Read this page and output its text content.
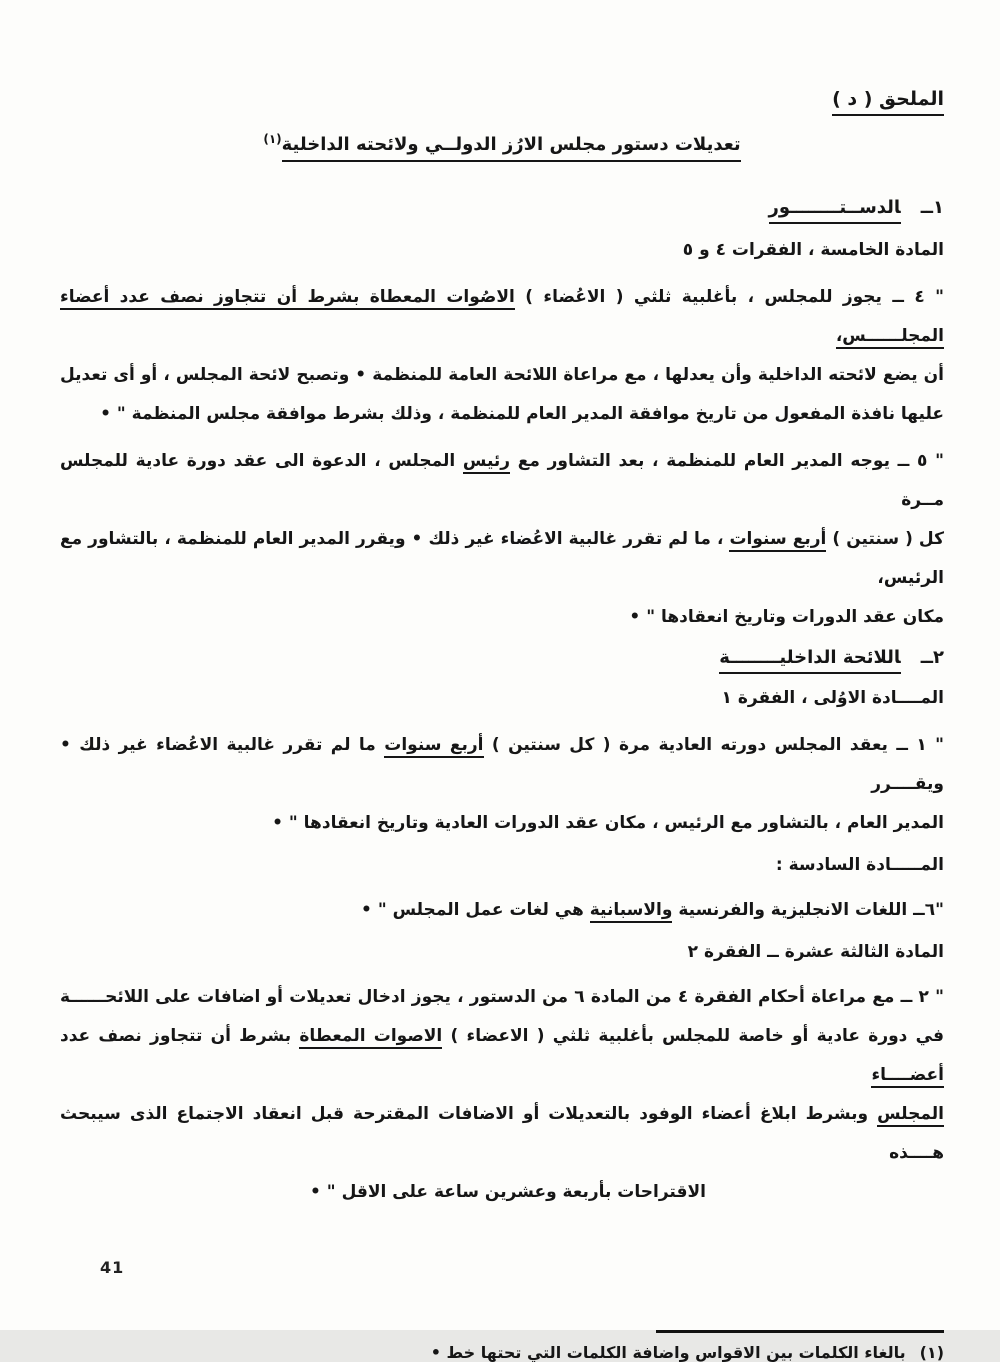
الملحق ( د )
تعديلات دستور مجلس الارُز الدولــي ولائحته الداخلية$^{(١)}$
١ــالدســتــــــــور
المادة الخامسة ، الفقرات ٤ و ٥
" ٤ ــ يجوز للمجلس ، بأغلبية ثلثي ( الاعُضاء ) الاصُوات المعطاة بشرط أن تتجاوز نصف عدد أعضاء المجلــــــس،
أن يضع لائحته الداخلية وأن يعدلها ، مع مراعاة اللائحة العامة للمنظمة • وتصبح لائحة المجلس ، أو أى تعديل
عليها نافذة المفعول من تاريخ موافقة المدير العام للمنظمة ، وذلك بشرط موافقة مجلس المنظمة " •
" ٥ ــ يوجه المدير العام للمنظمة ، بعد التشاور مع رئيس المجلس ، الدعوة الى عقد دورة عادية للمجلس مــرة
كل ( سنتين ) أربع سنوات ، ما لم تقرر غالبية الاعُضاء غير ذلك • ويقرر المدير العام للمنظمة ، بالتشاور مع الرئيس،
مكان عقد الدورات وتاريخ انعقادها " •
٢ــاللائحة الداخليــــــــة
المــــادة الاوُلى ، الفقرة ١
" ١ ــ يعقد المجلس دورته العادية مرة ( كل سنتين ) أربع سنوات ما لم تقرر غالبية الاعُضاء غير ذلك • ويقــــرر
المدير العام ، بالتشاور مع الرئيس ، مكان عقد الدورات العادية وتاريخ انعقادها " •
المـــــادة السادسة :
"٦ــ اللغات الانجليزية والفرنسية والاسبانية هي لغات عمل المجلس " •
المادة الثالثة عشرة ــ الفقرة ٢
" ٢ ــ مع مراعاة أحكام الفقرة ٤ من المادة ٦ من الدستور ، يجوز ادخال تعديلات أو اضافات على اللائحــــــة
في دورة عادية أو خاصة للمجلس بأغلبية ثلثي ( الاعضاء ) الاصوات المعطاة بشرط أن تتجاوز نصف عدد أعضــــاء
المجلس وبشرط ابلاغ أعضاء الوفود بالتعديلات أو الاضافات المقترحة قبل انعقاد الاجتماع الذى سيبحث هــــذه
الاقتراحات بأربعة وعشرين ساعة على الاقل " •
(١)بالغاء الكلمات بين الاقواس واضافة الكلمات التي تحتها خط •
41
